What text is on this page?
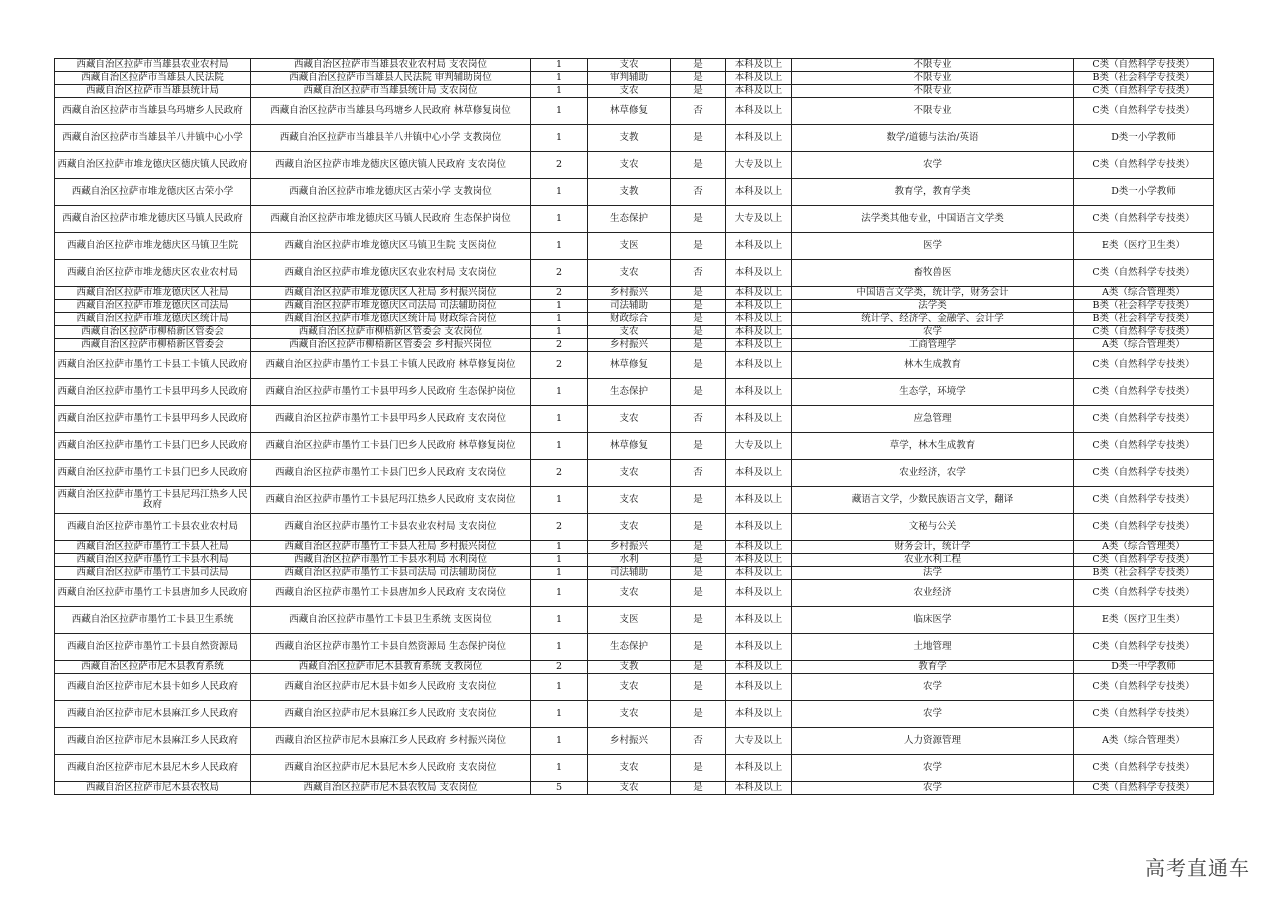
西藏自治区拉萨市当雄县农业农村局	西藏自治区拉萨市当雄县农业农村局 支农岗位	1	支农	是	本科及以上	不限专业	C类（自然科学专技类）
西藏自治区拉萨市当雄县人民法院	西藏自治区拉萨市当雄县人民法院 审判辅助岗位	1	审判辅助	是	本科及以上	不限专业	B类（社会科学专技类）
西藏自治区拉萨市当雄县统计局	西藏自治区拉萨市当雄县统计局 支农岗位	1	支农	是	本科及以上	不限专业	C类（自然科学专技类）
西藏自治区拉萨市当雄县乌玛塘乡人民政府	西藏自治区拉萨市当雄县乌玛塘乡人民政府 林草修复岗位	1	林草修复	否	本科及以上	不限专业	C类（自然科学专技类）
西藏自治区拉萨市当雄县羊八井镇中心小学	西藏自治区拉萨市当雄县羊八井镇中心小学 支教岗位	1	支教	是	本科及以上	数学/道德与法治/英语	D类一小学教师
西藏自治区拉萨市堆龙德庆区德庆镇人民政府	西藏自治区拉萨市堆龙德庆区德庆镇人民政府 支农岗位	2	支农	是	大专及以上	农学	C类（自然科学专技类）
西藏自治区拉萨市堆龙德庆区古荣小学	西藏自治区拉萨市堆龙德庆区古荣小学 支教岗位	1	支教	否	本科及以上	教育学，教育学类	D类一小学教师
西藏自治区拉萨市堆龙德庆区马镇人民政府	西藏自治区拉萨市堆龙德庆区马镇人民政府 生态保护岗位	1	生态保护	是	大专及以上	法学类其他专业，中国语言文学类	C类（自然科学专技类）
西藏自治区拉萨市堆龙德庆区马镇卫生院	西藏自治区拉萨市堆龙德庆区马镇卫生院 支医岗位	1	支医	是	本科及以上	医学	E类（医疗卫生类）
西藏自治区拉萨市堆龙德庆区农业农村局	西藏自治区拉萨市堆龙德庆区农业农村局 支农岗位	2	支农	否	本科及以上	畜牧兽医	C类（自然科学专技类）
西藏自治区拉萨市堆龙德庆区人社局	西藏自治区拉萨市堆龙德庆区人社局 乡村振兴岗位	2	乡村振兴	是	本科及以上	中国语言文学类，统计学，财务会计	A类（综合管理类）
西藏自治区拉萨市堆龙德庆区司法局	西藏自治区拉萨市堆龙德庆区司法局 司法辅助岗位	1	司法辅助	是	本科及以上	法学类	B类（社会科学专技类）
西藏自治区拉萨市堆龙德庆区统计局	西藏自治区拉萨市堆龙德庆区统计局 财政综合岗位	1	财政综合	是	本科及以上	统计学、经济学、金融学、会计学	B类（社会科学专技类）
西藏自治区拉萨市柳梧新区管委会	西藏自治区拉萨市柳梧新区管委会 支农岗位	1	支农	是	本科及以上	农学	C类（自然科学专技类）
西藏自治区拉萨市柳梧新区管委会	西藏自治区拉萨市柳梧新区管委会 乡村振兴岗位	2	乡村振兴	是	本科及以上	工商管理学	A类（综合管理类）
西藏自治区拉萨市墨竹工卡县工卡镇人民政府	西藏自治区拉萨市墨竹工卡县工卡镇人民政府 林草修复岗位	2	林草修复	是	本科及以上	林木生成教育	C类（自然科学专技类）
西藏自治区拉萨市墨竹工卡县甲玛乡人民政府	西藏自治区拉萨市墨竹工卡县甲玛乡人民政府 生态保护岗位	1	生态保护	是	本科及以上	生态学，环境学	C类（自然科学专技类）
西藏自治区拉萨市墨竹工卡县甲玛乡人民政府	西藏自治区拉萨市墨竹工卡县甲玛乡人民政府 支农岗位	1	支农	否	本科及以上	应急管理	C类（自然科学专技类）
西藏自治区拉萨市墨竹工卡县门巴乡人民政府	西藏自治区拉萨市墨竹工卡县门巴乡人民政府 林草修复岗位	1	林草修复	是	大专及以上	草学，林木生成教育	C类（自然科学专技类）
西藏自治区拉萨市墨竹工卡县门巴乡人民政府	西藏自治区拉萨市墨竹工卡县门巴乡人民政府 支农岗位	2	支农	否	本科及以上	农业经济，农学	C类（自然科学专技类）
西藏自治区拉萨市墨竹工卡县尼玛江热乡人民政府	西藏自治区拉萨市墨竹工卡县尼玛江热乡人民政府 支农岗位	1	支农	是	本科及以上	藏语言文学，少数民族语言文学，翻译	C类（自然科学专技类）
西藏自治区拉萨市墨竹工卡县农业农村局	西藏自治区拉萨市墨竹工卡县农业农村局 支农岗位	2	支农	是	本科及以上	文秘与公关	C类（自然科学专技类）
西藏自治区拉萨市墨竹工卡县人社局	西藏自治区拉萨市墨竹工卡县人社局 乡村振兴岗位	1	乡村振兴	是	本科及以上	财务会计，统计学	A类（综合管理类）
西藏自治区拉萨市墨竹工卡县水利局	西藏自治区拉萨市墨竹工卡县水利局 水利岗位	1	水利	是	本科及以上	农业水利工程	C类（自然科学专技类）
西藏自治区拉萨市墨竹工卡县司法局	西藏自治区拉萨市墨竹工卡县司法局 司法辅助岗位	1	司法辅助	是	本科及以上	法学	B类（社会科学专技类）
西藏自治区拉萨市墨竹工卡县唐加乡人民政府	西藏自治区拉萨市墨竹工卡县唐加乡人民政府 支农岗位	1	支农	是	本科及以上	农业经济	C类（自然科学专技类）
西藏自治区拉萨市墨竹工卡县卫生系统	西藏自治区拉萨市墨竹工卡县卫生系统 支医岗位	1	支医	是	本科及以上	临床医学	E类（医疗卫生类）
西藏自治区拉萨市墨竹工卡县自然资源局	西藏自治区拉萨市墨竹工卡县自然资源局 生态保护岗位	1	生态保护	是	本科及以上	土地管理	C类（自然科学专技类）
西藏自治区拉萨市尼木县教育系统	西藏自治区拉萨市尼木县教育系统 支教岗位	2	支教	是	本科及以上	教育学	D类一中学教师
西藏自治区拉萨市尼木县卡如乡人民政府	西藏自治区拉萨市尼木县卡如乡人民政府 支农岗位	1	支农	是	本科及以上	农学	C类（自然科学专技类）
西藏自治区拉萨市尼木县麻江乡人民政府	西藏自治区拉萨市尼木县麻江乡人民政府 支农岗位	1	支农	是	本科及以上	农学	C类（自然科学专技类）
西藏自治区拉萨市尼木县麻江乡人民政府	西藏自治区拉萨市尼木县麻江乡人民政府 乡村振兴岗位	1	乡村振兴	否	大专及以上	人力资源管理	A类（综合管理类）
西藏自治区拉萨市尼木县尼木乡人民政府	西藏自治区拉萨市尼木县尼木乡人民政府 支农岗位	1	支农	是	本科及以上	农学	C类（自然科学专技类）
西藏自治区拉萨市尼木县农牧局	西藏自治区拉萨市尼木县农牧局 支农岗位	5	支农	是	本科及以上	农学	C类（自然科学专技类）
高考直通车
